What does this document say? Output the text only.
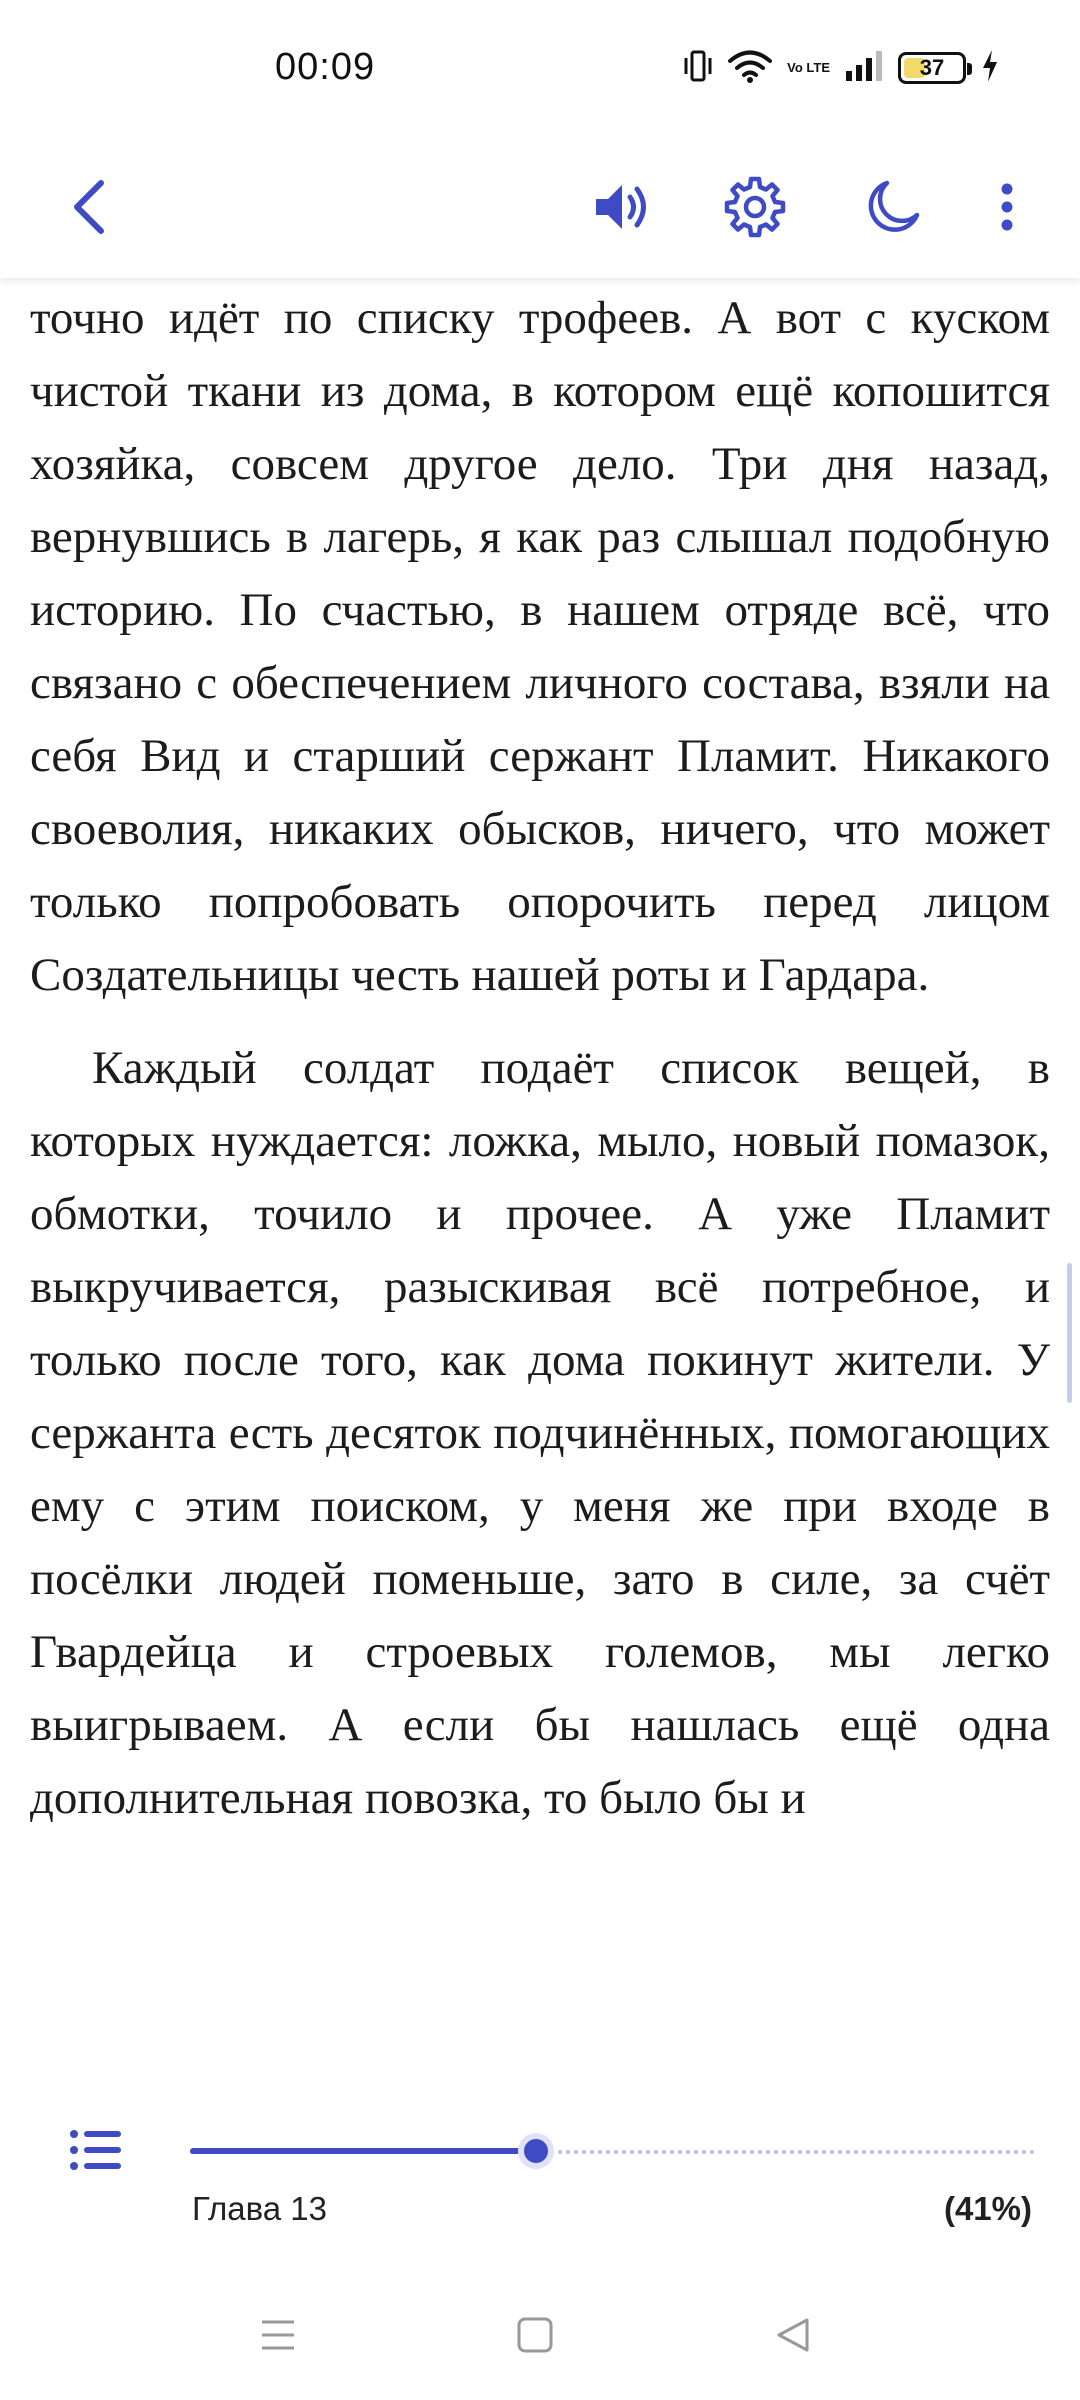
00:09	Vo LTE	37

точно идёт по списку трофеев. А вот с куском чистой ткани из дома, в котором ещё копошится хозяйка, совсем другое дело. Три дня назад, вернувшись в лагерь, я как раз слышал подобную историю. По счастью, в нашем отряде всё, что связано с обеспечением личного состава, взяли на себя Вид и старший сержант Пламит. Никакого своеволия, никаких обысков, ничего, что может только попробовать опорочить перед лицом Создательницы честь нашей роты и Гардара.

Каждый солдат подаёт список вещей, в которых нуждается: ложка, мыло, новый помазок, обмотки, точило и прочее. А уже Пламит выкручивается, разыскивая всё потребное, и только после того, как дома покинут жители. У сержанта есть десяток подчинённых, помогающих ему с этим поиском, у меня же при входе в посёлки людей поменьше, зато в силе, за счёт Гвардейца и строевых големов, мы легко выигрываем. А если бы нашлась ещё одна дополнительная повозка, то было бы и

Глава 13	(41%)
